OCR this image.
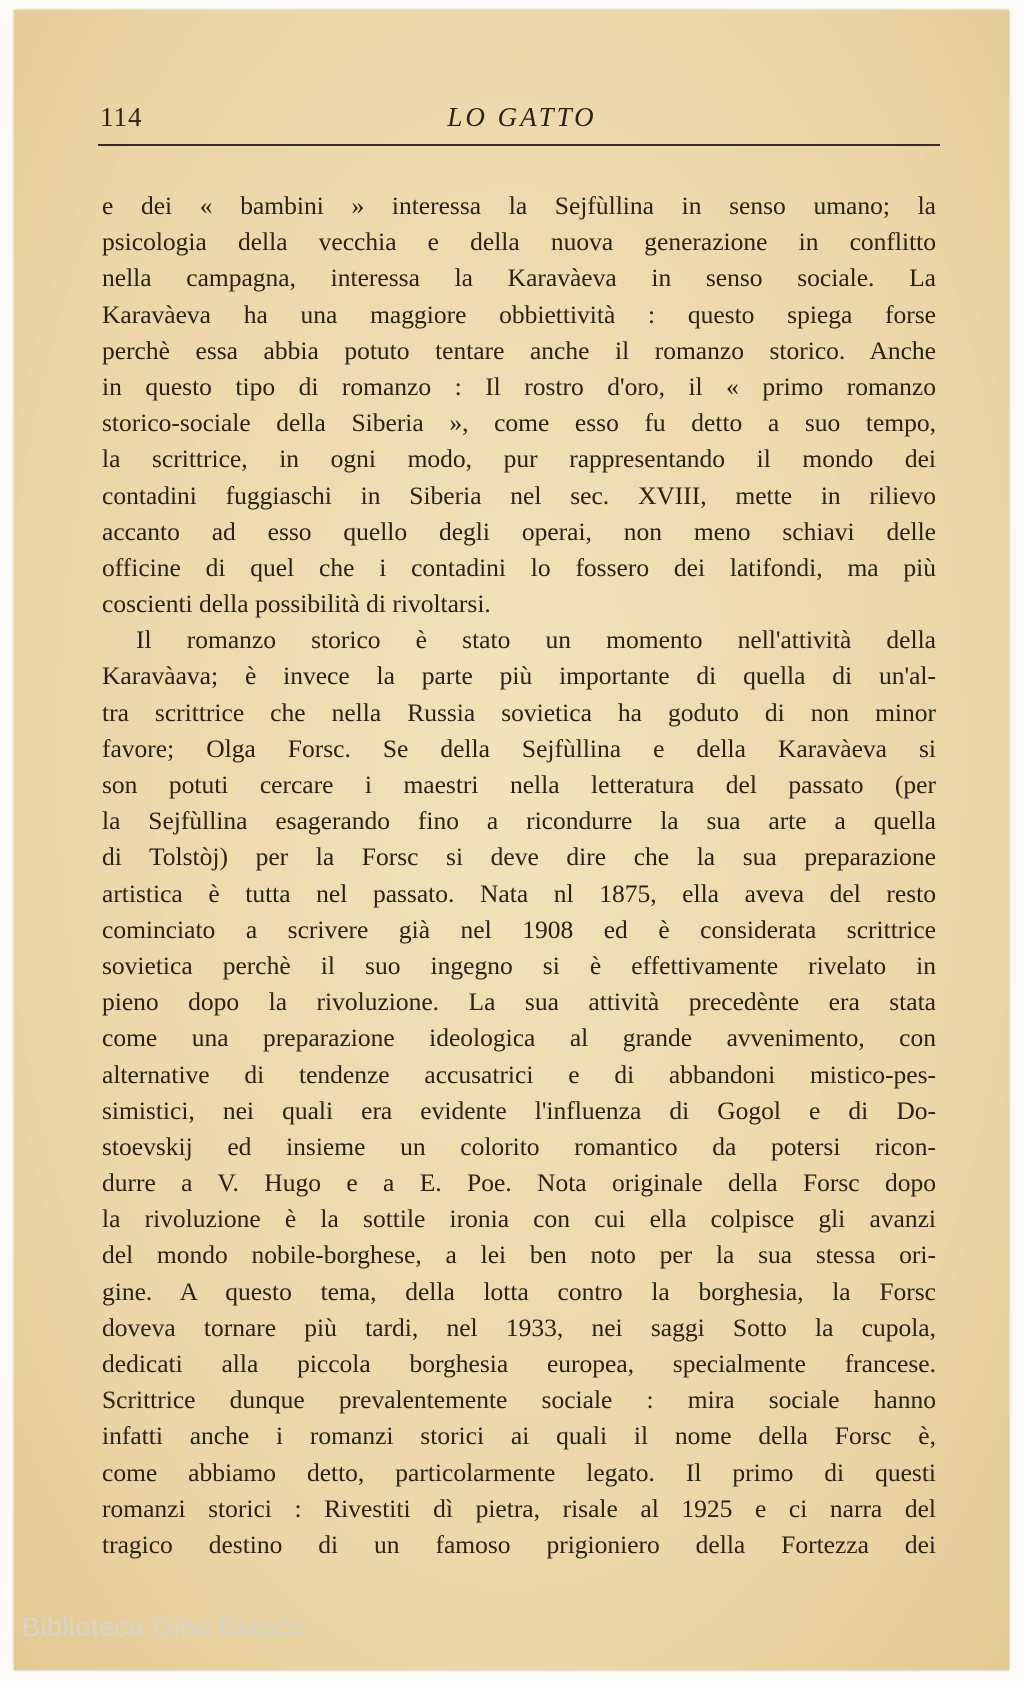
114	LO GATTO
e dei « bambini » interessa la Sejfùllina in senso umano; la
psicologia della vecchia e della nuova generazione in conflitto
nella campagna, interessa la Karavàeva in senso sociale. La
Karavàeva ha una maggiore obbiettività : questo spiega forse
perchè essa abbia potuto tentare anche il romanzo storico. Anche
in questo tipo di romanzo : Il rostro d'oro, il « primo romanzo
storico-sociale della Siberia », come esso fu detto a suo tempo,
la scrittrice, in ogni modo, pur rappresentando il mondo dei
contadini fuggiaschi in Siberia nel sec. XVIII, mette in rilievo
accanto ad esso quello degli operai, non meno schiavi delle
officine di quel che i contadini lo fossero dei latifondi, ma più
coscienti della possibilità di rivoltarsi.
Il romanzo storico è stato un momento nell'attività della
Karavàava; è invece la parte più importante di quella di un'al-
tra scrittrice che nella Russia sovietica ha goduto di non minor
favore; Olga Forsc. Se della Sejfùllina e della Karavàeva si
son potuti cercare i maestri nella letteratura del passato (per
la Sejfùllina esagerando fino a ricondurre la sua arte a quella
di Tolstòj) per la Forsc si deve dire che la sua preparazione
artistica è tutta nel passato. Nata nl 1875, ella aveva del resto
cominciato a scrivere già nel 1908 ed è considerata scrittrice
sovietica perchè il suo ingegno si è effettivamente rivelato in
pieno dopo la rivoluzione. La sua attività precedènte era stata
come una preparazione ideologica al grande avvenimento, con
alternative di tendenze accusatrici e di abbandoni mistico-pes-
simistici, nei quali era evidente l'influenza di Gogol e di Do-
stoevskij ed insieme un colorito romantico da potersi ricon-
durre a V. Hugo e a E. Poe. Nota originale della Forsc dopo
la rivoluzione è la sottile ironia con cui ella colpisce gli avanzi
del mondo nobile-borghese, a lei ben noto per la sua stessa ori-
gine. A questo tema, della lotta contro la borghesia, la Forsc
doveva tornare più tardi, nel 1933, nei saggi Sotto la cupola,
dedicati alla piccola borghesia europea, specialmente francese.
Scrittrice dunque prevalentemente sociale : mira sociale hanno
infatti anche i romanzi storici ai quali il nome della Forsc è,
come abbiamo detto, particolarmente legato. Il primo di questi
romanzi storici : Rivestiti dì pietra, risale al 1925 e ci narra del
tragico destino di un famoso prigioniero della Fortezza dei
Biblioteca Gino Bianco
